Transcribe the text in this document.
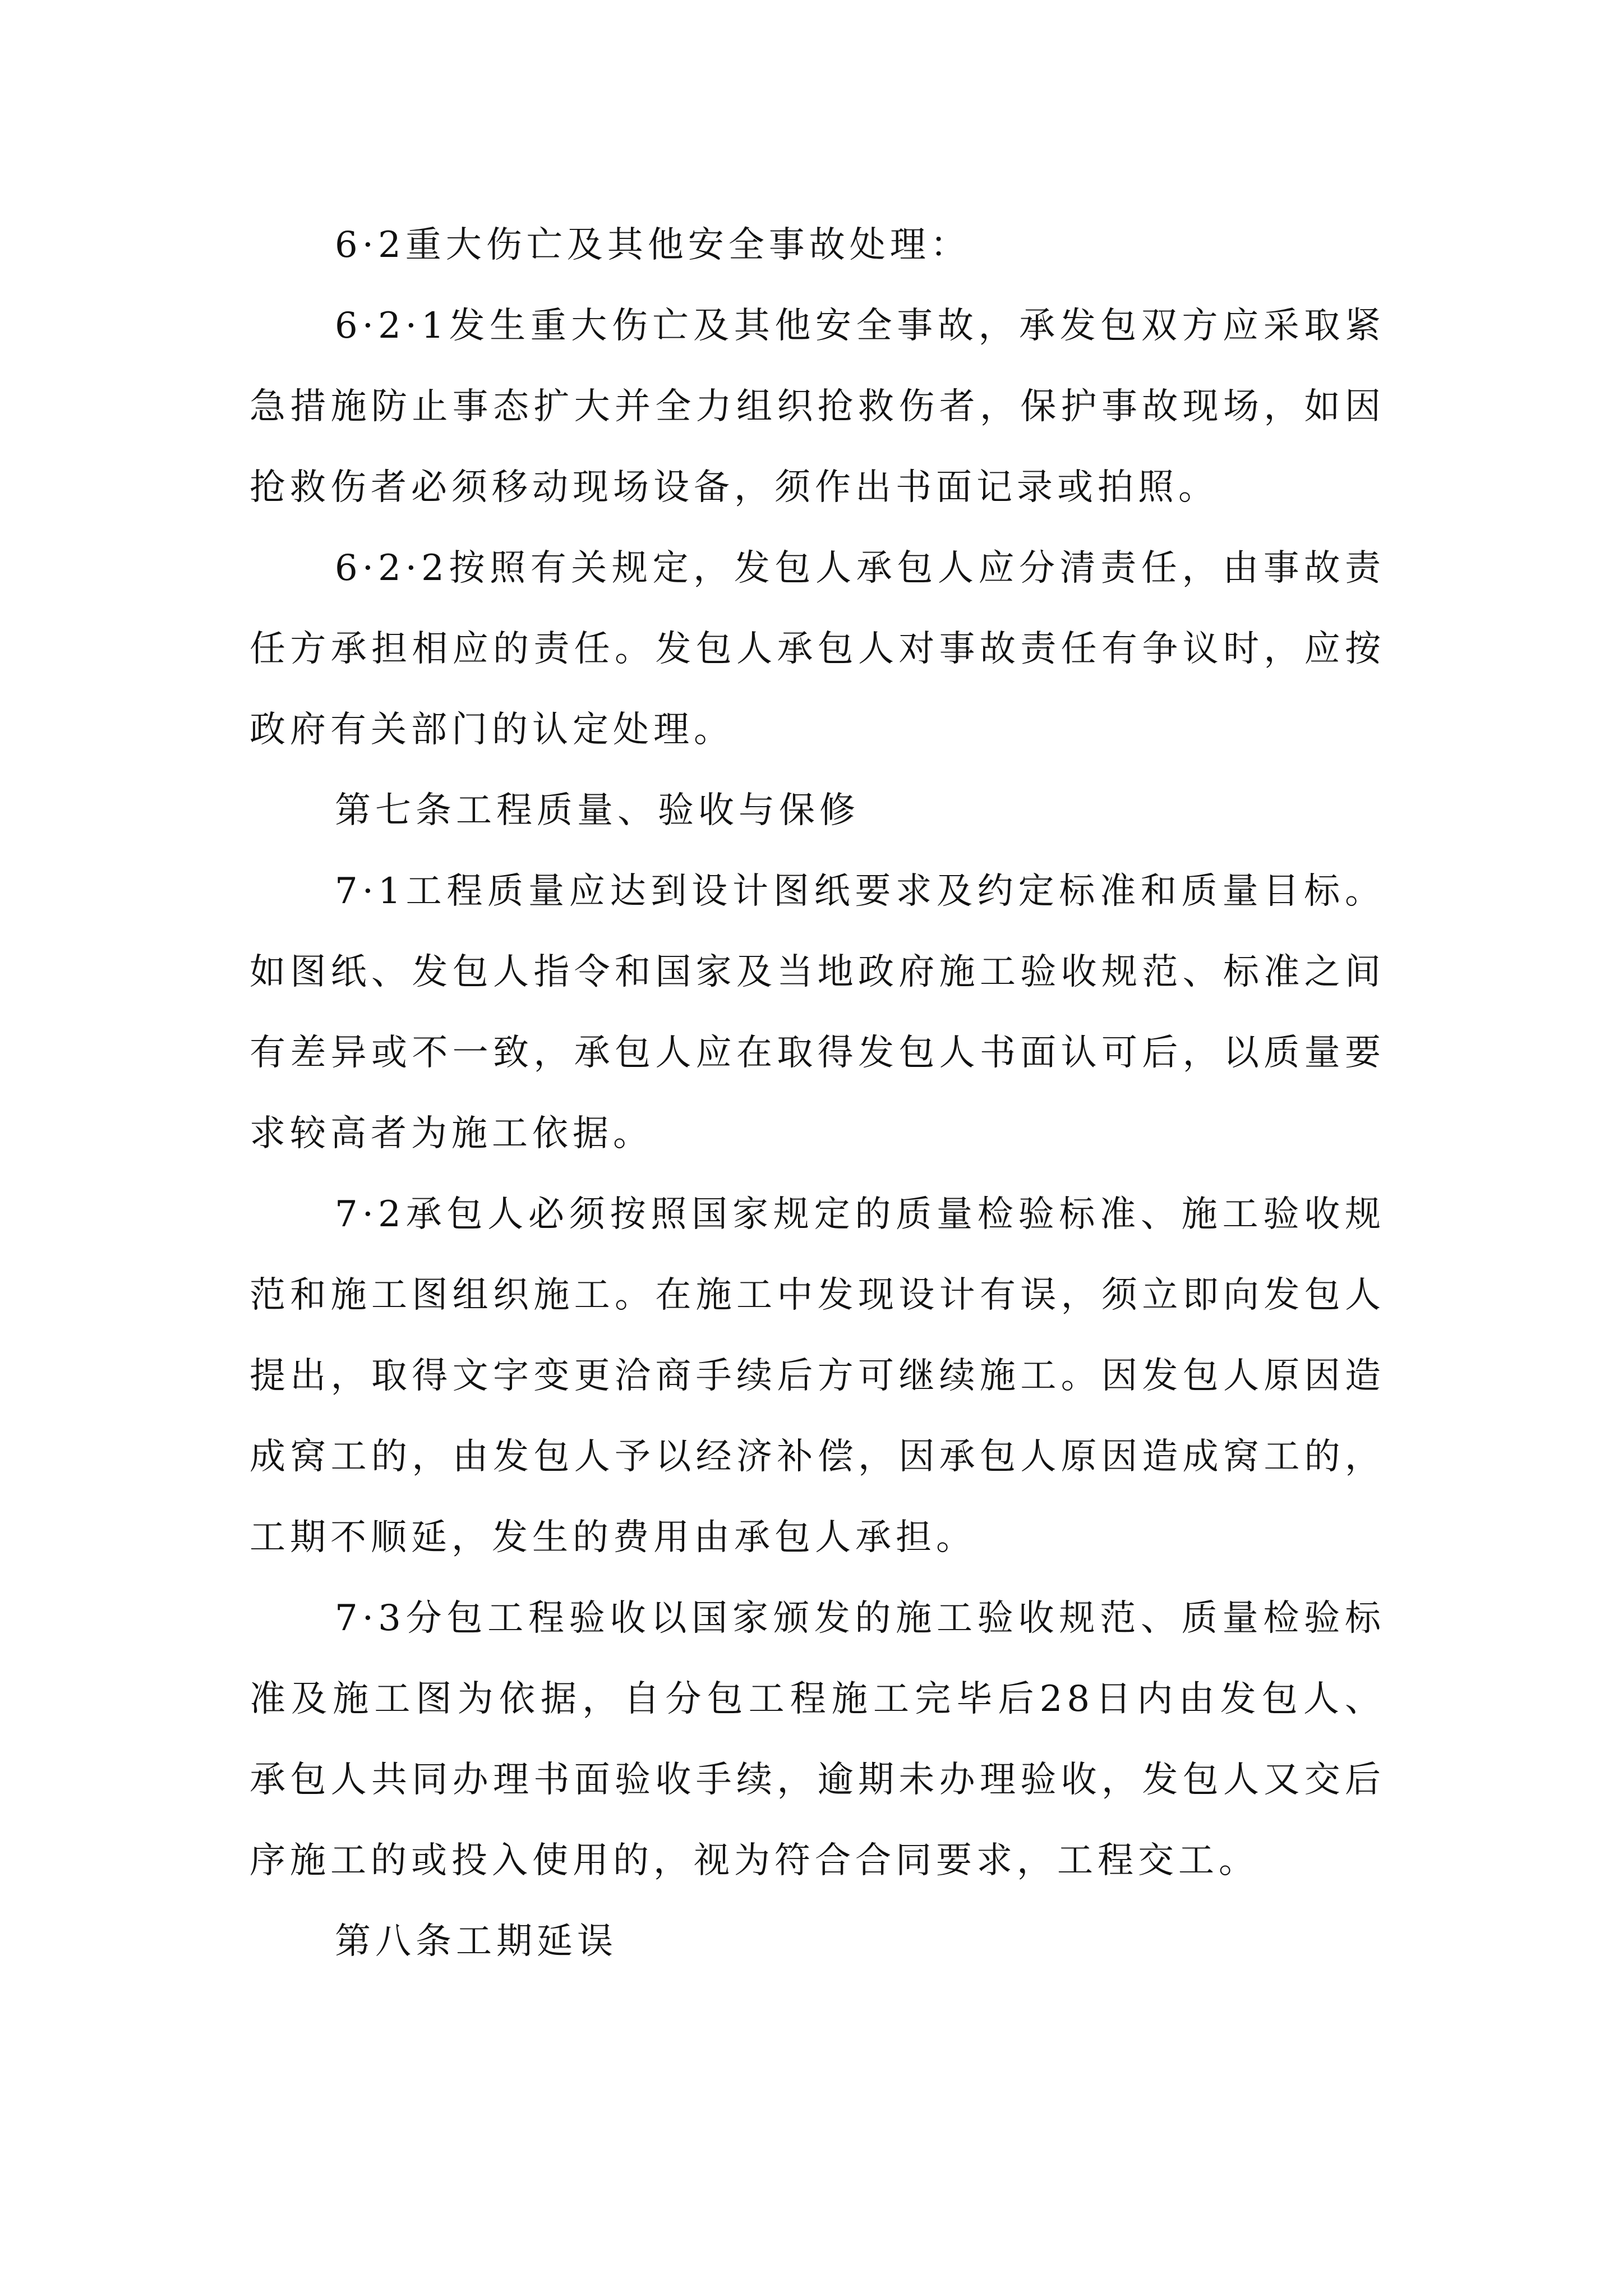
6·2重大伤亡及其他安全事故处理：

6·2·1发生重大伤亡及其他安全事故，承发包双方应采取紧急措施防止事态扩大并全力组织抢救伤者，保护事故现场，如因抢救伤者必须移动现场设备，须作出书面记录或拍照。

6·2·2按照有关规定，发包人承包人应分清责任，由事故责任方承担相应的责任。发包人承包人对事故责任有争议时，应按政府有关部门的认定处理。

第七条工程质量、验收与保修

7·1工程质量应达到设计图纸要求及约定标准和质量目标。如图纸、发包人指令和国家及当地政府施工验收规范、标准之间有差异或不一致，承包人应在取得发包人书面认可后，以质量要求较高者为施工依据。

7·2承包人必须按照国家规定的质量检验标准、施工验收规范和施工图组织施工。在施工中发现设计有误，须立即向发包人提出，取得文字变更洽商手续后方可继续施工。因发包人原因造成窝工的，由发包人予以经济补偿，因承包人原因造成窝工的，工期不顺延，发生的费用由承包人承担。

7·3分包工程验收以国家颁发的施工验收规范、质量检验标准及施工图为依据，自分包工程施工完毕后28日内由发包人、承包人共同办理书面验收手续，逾期未办理验收，发包人又交后序施工的或投入使用的，视为符合合同要求，工程交工。

第八条工期延误
